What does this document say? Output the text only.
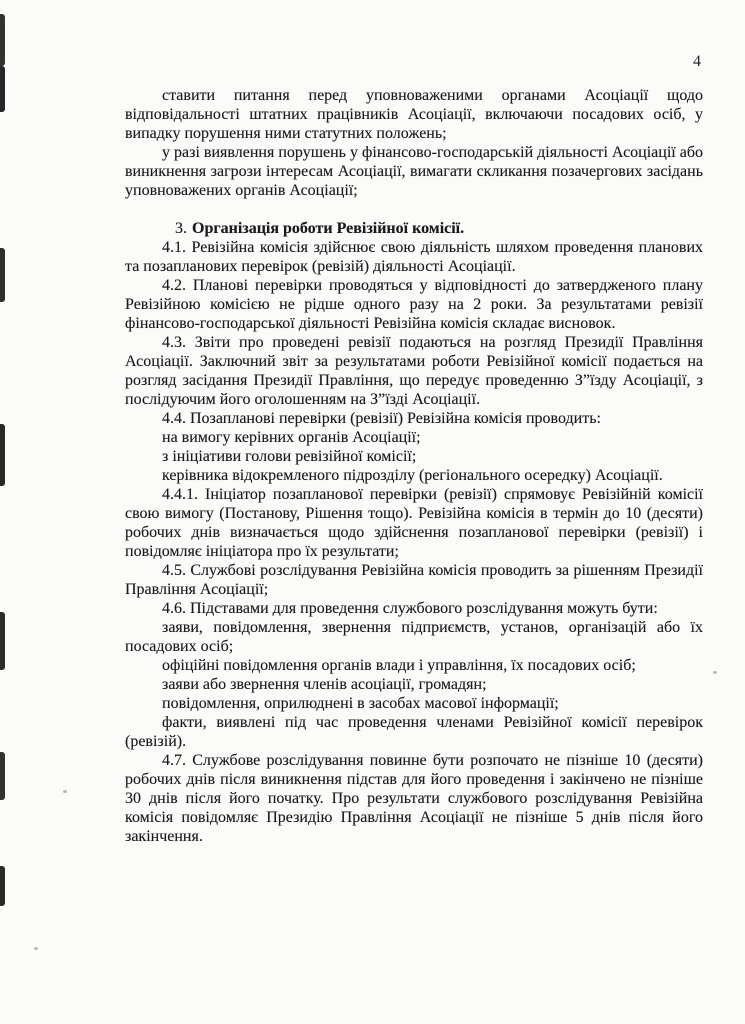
4

ставити питання перед уповноваженими органами Асоціації щодо відповідальності штатних працівників Асоціації, включаючи посадових осіб, у випадку порушення ними статутних положень;

у разі виявлення порушень у фінансово-господарській діяльності Асоціації або виникнення загрози інтересам Асоціації, вимагати скликання позачергових засідань уповноважених органів Асоціації;

3. Організація роботи Ревізійної комісії.

4.1. Ревізійна комісія здійснює свою діяльність шляхом проведення планових та позапланових перевірок (ревізій) діяльності Асоціації.

4.2. Планові перевірки проводяться у відповідності до затвердженого плану Ревізійною комісією не рідше одного разу на 2 роки. За результатами ревізії фінансово-господарської діяльності Ревізійна комісія складає висновок.

4.3. Звіти про проведені ревізії подаються на розгляд Президії Правління Асоціації. Заключний звіт за результатами роботи Ревізійної комісії подається на розгляд засідання Президії Правління, що передує проведенню З”їзду Асоціації, з послідуючим його оголошенням на З”їзді Асоціації.

4.4. Позапланові перевірки (ревізії) Ревізійна комісія проводить:

на вимогу керівних органів Асоціації;

з ініціативи голови ревізійної комісії;

керівника відокремленого підрозділу (регіонального осередку) Асоціації.

4.4.1. Ініціатор позапланової перевірки (ревізії) спрямовує Ревізійній комісії свою вимогу (Постанову, Рішення тощо). Ревізійна комісія в термін до 10 (десяти) робочих днів визначається щодо здійснення позапланової перевірки (ревізії) і повідомляє ініціатора про їх результати;

4.5. Службові розслідування Ревізійна комісія проводить за рішенням Президії Правління Асоціації;

4.6. Підставами для проведення службового розслідування можуть бути:

заяви, повідомлення, звернення підприємств, установ, організацій або їх посадових осіб;

офіційні повідомлення органів влади і управління, їх посадових осіб;

заяви або звернення членів асоціації, громадян;

повідомлення, оприлюднені в засобах масової інформації;

факти, виявлені під час проведення членами Ревізійної комісії перевірок (ревізій).

4.7. Службове розслідування повинне бути розпочато не пізніше 10 (десяти) робочих днів після виникнення підстав для його проведення і закінчено не пізніше 30 днів після його початку. Про результати службового розслідування Ревізійна комісія повідомляє Президію Правління Асоціації не пізніше 5 днів після його закінчення.
